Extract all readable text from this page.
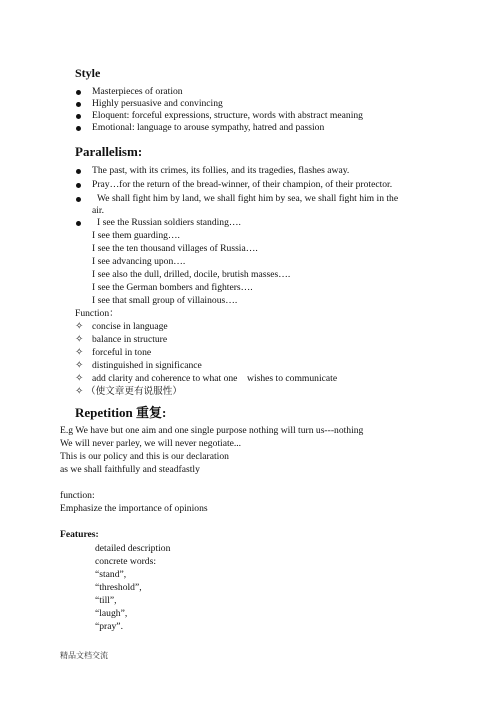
Style
Masterpieces of oration
Highly persuasive and convincing
Eloquent: forceful expressions, structure, words with abstract meaning
Emotional: language to arouse sympathy, hatred and passion
Parallelism:
The past, with its crimes, its follies, and its tragedies, flashes away.
Pray…for the return of the bread-winner, of their champion, of their protector.
We shall fight him by land, we shall fight him by sea, we shall fight him in the
air.
I see the Russian soldiers standing….
I see them guarding….
I see the ten thousand villages of Russia….
I see advancing upon….
I see also the dull, drilled, docile, brutish masses….
I see the German bombers and fighters….
I see that small group of villainous….
Function：
✧ concise in language
✧ balance in structure
✧ forceful in tone
✧ distinguished in significance
✧ add clarity and coherence to what one    wishes to communicate
✧ （使文章更有说服性）
Repetition 重复:
E.g We have but one aim and one single purpose nothing will turn us---nothing
We will never parley, we will never negotiate...
This is our policy and this is our declaration
as we shall faithfully and steadfastly
function:
Emphasize the importance of opinions
Features:
detailed description
concrete words:
“stand”,
“threshold”,
“till”,
“laugh”,
“pray”.
精品文档交流
